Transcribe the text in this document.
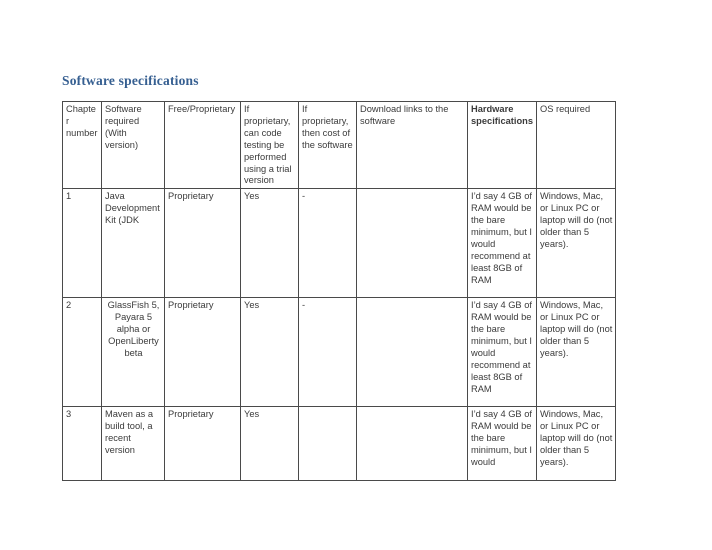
Software specifications
Chapter number	Software required (With version)	Free/Proprietary	If proprietary, can code testing be performed using a trial version	If proprietary, then cost of the software	Download links to the software	Hardware specifications	OS required
1	Java Development Kit (JDK	Proprietary	Yes	-		I’d say 4 GB of RAM would be the bare minimum, but I would recommend at least 8GB of RAM	Windows, Mac, or Linux PC or laptop will do (not older than 5 years).
2	GlassFish 5, Payara 5 alpha or OpenLiberty beta	Proprietary	Yes	-		I’d say 4 GB of RAM would be the bare minimum, but I would recommend at least 8GB of RAM	Windows, Mac, or Linux PC or laptop will do (not older than 5 years).

3	Maven as a build tool, a recent version	Proprietary	Yes			I’d say 4 GB of RAM would be the bare minimum, but I would	Windows, Mac, or Linux PC or laptop will do (not older than 5 years).
